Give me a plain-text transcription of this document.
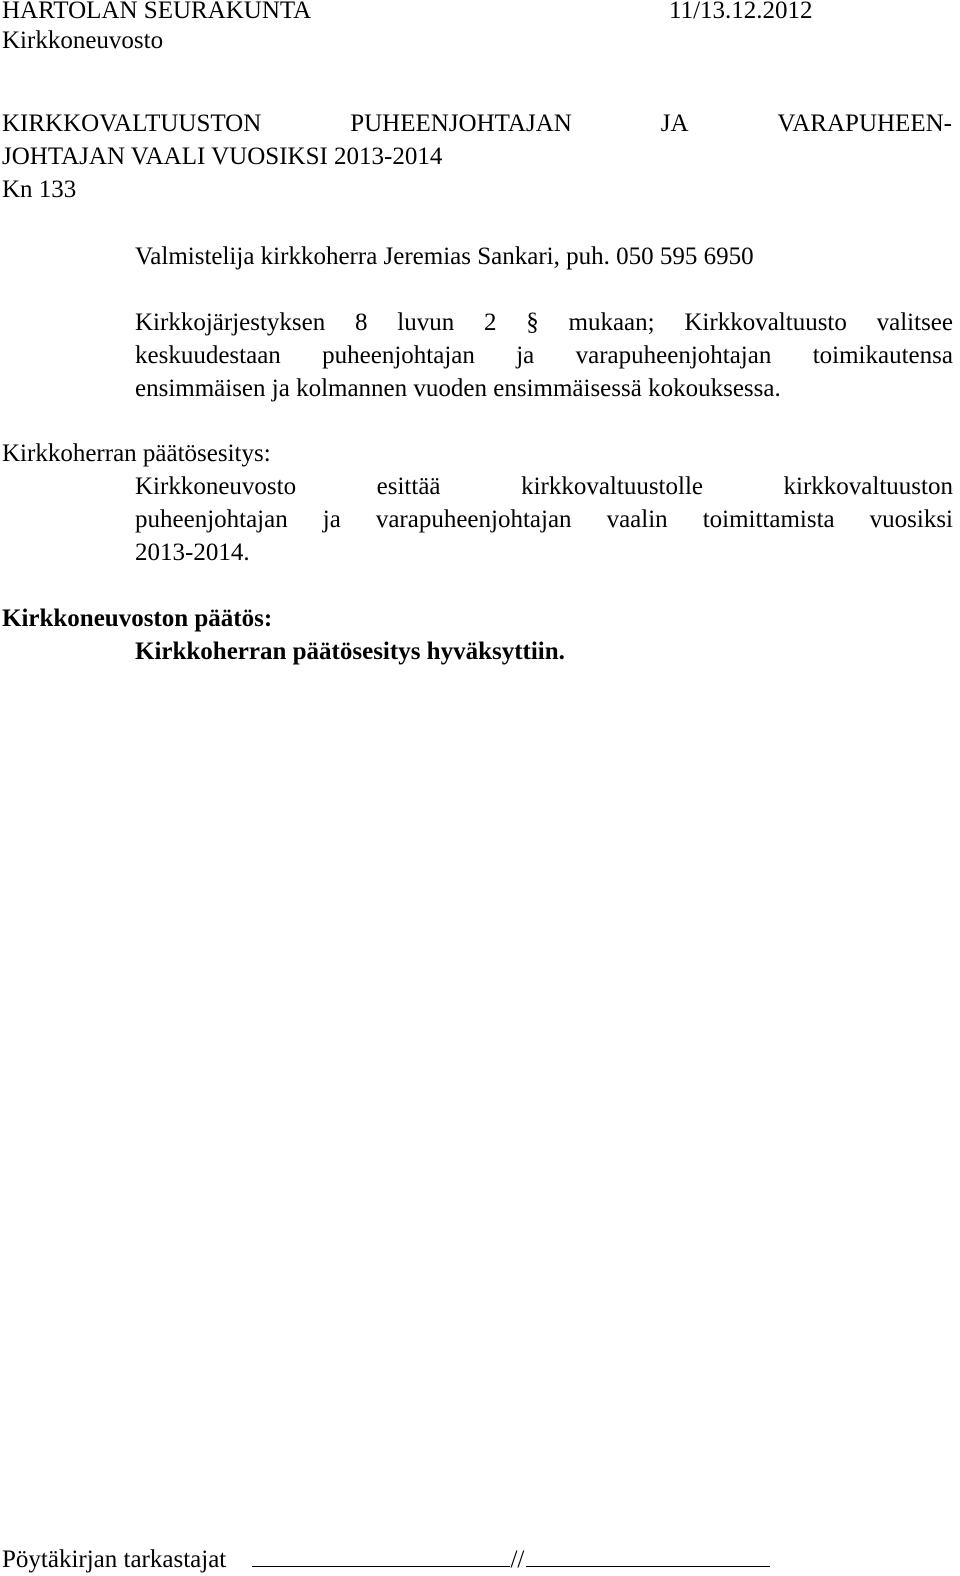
HARTOLAN SEURAKUNTA	11/13.12.2012
Kirkkoneuvosto
KIRKKOVALTUUSTON	PUHEENJOHTAJAN	JA	VARAPUHEEN-
JOHTAJAN VAALI VUOSIKSI 2013-2014
Kn 133
Valmistelija kirkkoherra Jeremias Sankari, puh. 050 595 6950
Kirkkojärjestyksen 8 luvun 2 § mukaan; Kirkkovaltuusto valitsee
keskuudestaan puheenjohtajan ja varapuheenjohtajan toimikautensa
ensimmäisen ja kolmannen vuoden ensimmäisessä kokouksessa.
Kirkkoherran päätösesitys:
Kirkkoneuvosto	esittää	kirkkovaltuustolle	kirkkovaltuuston
puheenjohtajan ja varapuheenjohtajan vaalin toimittamista vuosiksi
2013-2014.
Kirkkoneuvoston päätös:
Kirkkoherran päätösesitys hyväksyttiin.
Pöytäkirjan tarkastajat	//
